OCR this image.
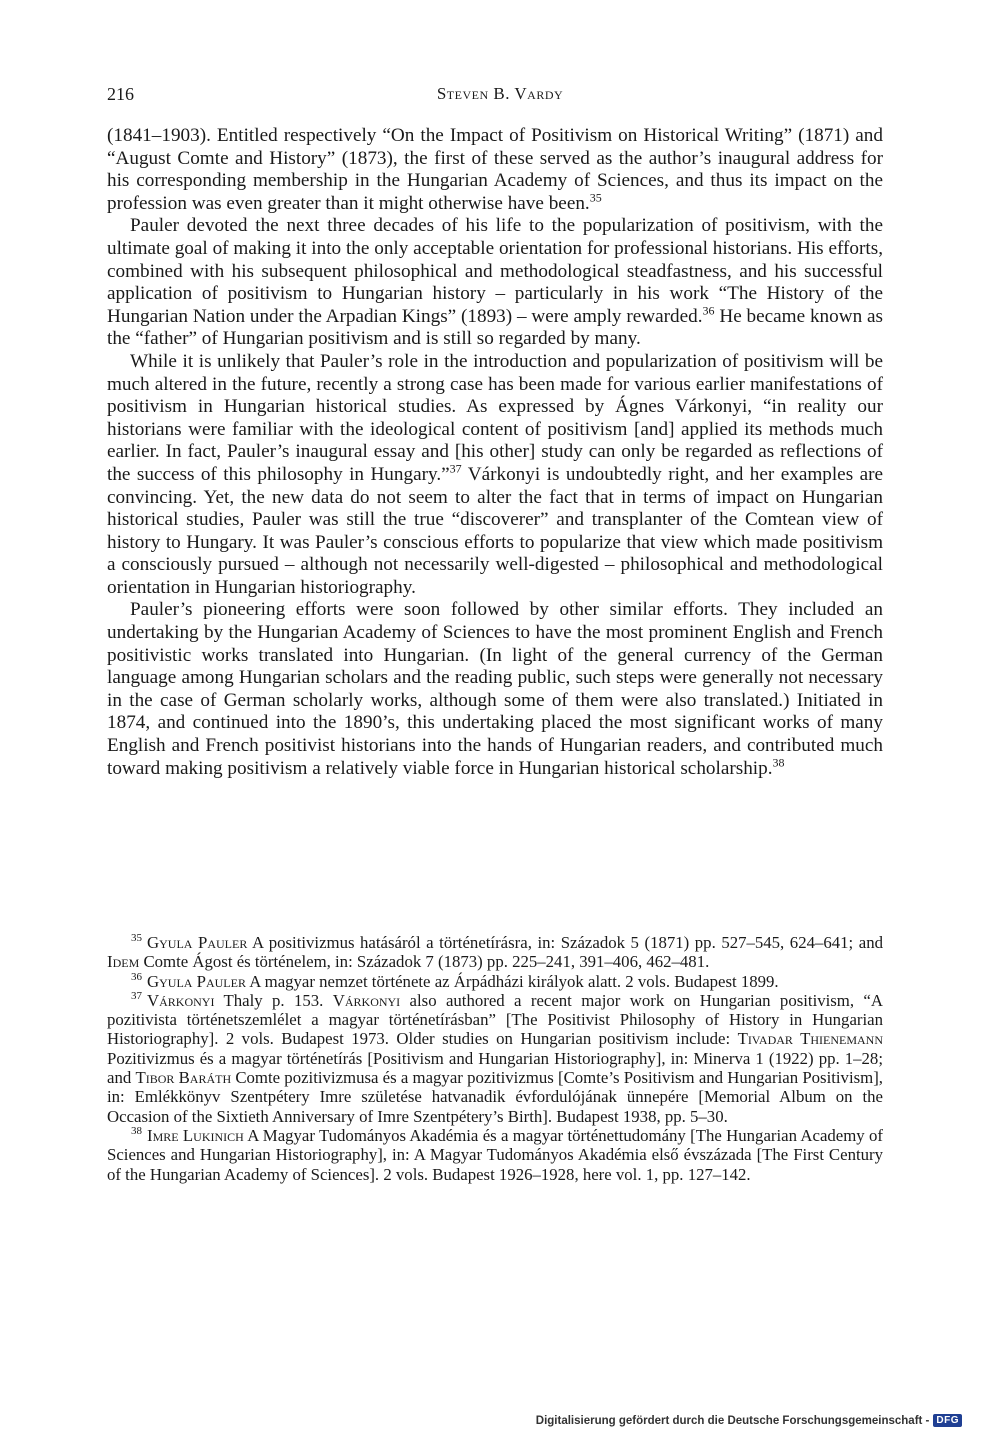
216	Steven B. Vardy

(1841–1903). Entitled respectively “On the Impact of Positivism on Historical Writing” (1871) and “August Comte and History” (1873), the first of these served as the author’s inaugural address for his corresponding membership in the Hungarian Academy of Sciences, and thus its impact on the profession was even greater than it might otherwise have been.$^{35}$

Pauler devoted the next three decades of his life to the popularization of positivism, with the ultimate goal of making it into the only acceptable orientation for professional historians. His efforts, combined with his subsequent philosophical and methodological steadfastness, and his successful application of positivism to Hungarian history – particularly in his work “The History of the Hungarian Nation under the Arpadian Kings” (1893) – were amply rewarded.$^{36}$ He became known as the “father” of Hungarian positivism and is still so regarded by many.

While it is unlikely that Pauler’s role in the introduction and popularization of positivism will be much altered in the future, recently a strong case has been made for various earlier manifestations of positivism in Hungarian historical studies. As expressed by Ágnes Várkonyi, “in reality our historians were familiar with the ideological content of positivism [and] applied its methods much earlier. In fact, Pauler’s inaugural essay and [his other] study can only be regarded as reflections of the success of this philosophy in Hungary.”$^{37}$ Várkonyi is undoubtedly right, and her examples are convincing. Yet, the new data do not seem to alter the fact that in terms of impact on Hungarian historical studies, Pauler was still the true “discoverer” and transplanter of the Comtean view of history to Hungary. It was Pauler’s conscious efforts to popularize that view which made positivism a consciously pursued – although not necessarily well-digested – philosophical and methodological orientation in Hungarian historiography.

Pauler’s pioneering efforts were soon followed by other similar efforts. They included an undertaking by the Hungarian Academy of Sciences to have the most prominent English and French positivistic works translated into Hungarian. (In light of the general currency of the German language among Hungarian scholars and the reading public, such steps were generally not necessary in the case of German scholarly works, although some of them were also translated.) Initiated in 1874, and continued into the 1890’s, this undertaking placed the most significant works of many English and French positivist historians into the hands of Hungarian readers, and contributed much toward making positivism a relatively viable force in Hungarian historical scholarship.$^{38}$

$^{35}$ Gyula Pauler A positivizmus hatásáról a történetírásra, in: Századok 5 (1871) pp. 527–545, 624–641; and Idem Comte Ágost és történelem, in: Századok 7 (1873) pp. 225–241, 391–406, 462–481.

$^{36}$ Gyula Pauler A magyar nemzet története az Árpádházi királyok alatt. 2 vols. Budapest 1899.

$^{37}$ Várkonyi Thaly p. 153. Várkonyi also authored a recent major work on Hungarian positivism, “A pozitivista történetszemlélet a magyar történetírásban” [The Positivist Philosophy of History in Hungarian Historiography]. 2 vols. Budapest 1973. Older studies on Hungarian positivism include: Tivadar Thienemann Pozitivizmus és a magyar történetírás [Positivism and Hungarian Historiography], in: Minerva 1 (1922) pp. 1–28; and Tibor Baráth Comte pozitivizmusa és a magyar pozitivizmus [Comte’s Positivism and Hungarian Positivism], in: Emlékkönyv Szentpétery Imre születése hatvanadik évfordulójának ünnepére [Memorial Album on the Occasion of the Sixtieth Anniversary of Imre Szentpétery’s Birth]. Budapest 1938, pp. 5–30.

$^{38}$ Imre Lukinich A Magyar Tudományos Akadémia és a magyar történettudomány [The Hungarian Academy of Sciences and Hungarian Historiography], in: A Magyar Tudományos Akadémia első évszázada [The First Century of the Hungarian Academy of Sciences]. 2 vols. Budapest 1926–1928, here vol. 1, pp. 127–142.

Digitalisierung gefördert durch die Deutsche Forschungsgemeinschaft - DFG
